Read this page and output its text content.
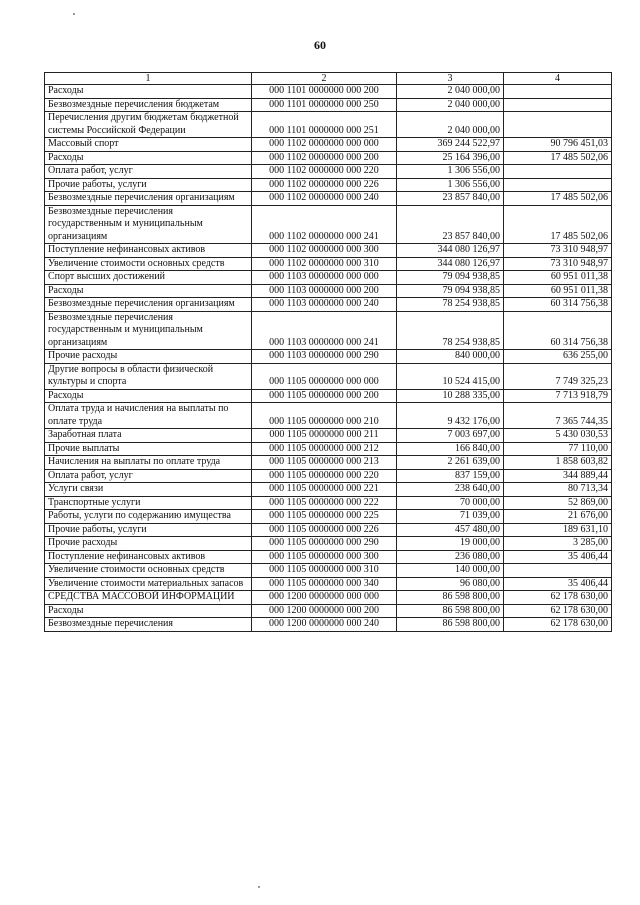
60
1	2	3	4
Расходы	000 1101 0000000 000 200	2 040 000,00	
Безвозмездные перечисления бюджетам	000 1101 0000000 000 250	2 040 000,00	
Перечисления другим бюджетам бюджетной системы Российской Федерации	000 1101 0000000 000 251	2 040 000,00	
Массовый спорт	000 1102 0000000 000 000	369 244 522,97	90 796 451,03
Расходы	000 1102 0000000 000 200	25 164 396,00	17 485 502,06
Оплата работ, услуг	000 1102 0000000 000 220	1 306 556,00	
Прочие работы, услуги	000 1102 0000000 000 226	1 306 556,00	
Безвозмездные перечисления организациям	000 1102 0000000 000 240	23 857 840,00	17 485 502,06
Безвозмездные перечисления государственным и муниципальным организациям	000 1102 0000000 000 241	23 857 840,00	17 485 502,06
Поступление нефинансовых активов	000 1102 0000000 000 300	344 080 126,97	73 310 948,97
Увеличение стоимости основных средств	000 1102 0000000 000 310	344 080 126,97	73 310 948,97
Спорт высших достижений	000 1103 0000000 000 000	79 094 938,85	60 951 011,38
Расходы	000 1103 0000000 000 200	79 094 938,85	60 951 011,38
Безвозмездные перечисления организациям	000 1103 0000000 000 240	78 254 938,85	60 314 756,38
Безвозмездные перечисления государственным и муниципальным организациям	000 1103 0000000 000 241	78 254 938,85	60 314 756,38
Прочие расходы	000 1103 0000000 000 290	840 000,00	636 255,00
Другие вопросы в области физической культуры и спорта	000 1105 0000000 000 000	10 524 415,00	7 749 325,23
Расходы	000 1105 0000000 000 200	10 288 335,00	7 713 918,79
Оплата труда и начисления на выплаты по оплате труда	000 1105 0000000 000 210	9 432 176,00	7 365 744,35
Заработная плата	000 1105 0000000 000 211	7 003 697,00	5 430 030,53
Прочие выплаты	000 1105 0000000 000 212	166 840,00	77 110,00
Начисления на выплаты по оплате труда	000 1105 0000000 000 213	2 261 639,00	1 858 603,82
Оплата работ, услуг	000 1105 0000000 000 220	837 159,00	344 889,44
Услуги связи	000 1105 0000000 000 221	238 640,00	80 713,34
Транспортные услуги	000 1105 0000000 000 222	70 000,00	52 869,00
Работы, услуги по содержанию имущества	000 1105 0000000 000 225	71 039,00	21 676,00
Прочие работы, услуги	000 1105 0000000 000 226	457 480,00	189 631,10
Прочие расходы	000 1105 0000000 000 290	19 000,00	3 285,00
Поступление нефинансовых активов	000 1105 0000000 000 300	236 080,00	35 406,44
Увеличение стоимости основных средств	000 1105 0000000 000 310	140 000,00	
Увеличение стоимости материальных запасов	000 1105 0000000 000 340	96 080,00	35 406,44
СРЕДСТВА МАССОВОЙ ИНФОРМАЦИИ	000 1200 0000000 000 000	86 598 800,00	62 178 630,00
Расходы	000 1200 0000000 000 200	86 598 800,00	62 178 630,00
Безвозмездные перечисления	000 1200 0000000 000 240	86 598 800,00	62 178 630,00
